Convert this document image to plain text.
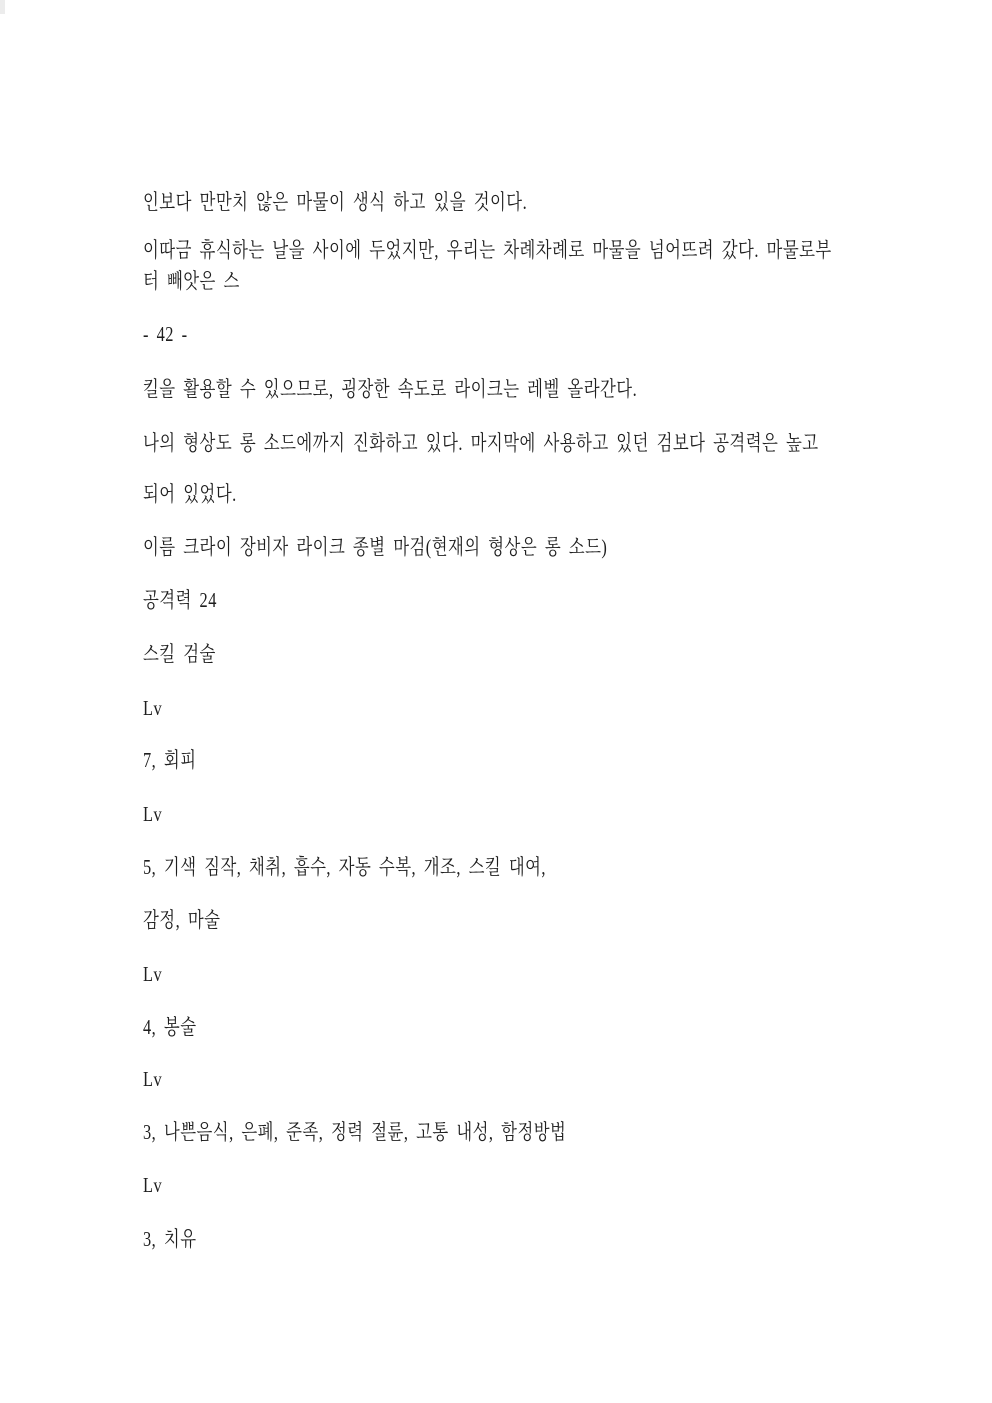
인보다 만만치 않은 마물이 생식 하고 있을 것이다.
이따금 휴식하는 날을 사이에 두었지만, 우리는 차례차례로 마물을 넘어뜨려 갔다. 마물로부
터 빼앗은 스
- 42 -
킬을 활용할 수 있으므로, 굉장한 속도로 라이크는 레벨 올라간다.
나의 형상도 롱 소드에까지 진화하고 있다. 마지막에 사용하고 있던 검보다 공격력은 높고
되어 있었다.
이름 크라이 장비자 라이크 종별 마검(현재의 형상은 롱 소드)
공격력 24
스킬 검술
Lv
7, 회피
Lv
5, 기색 짐작, 채취, 흡수, 자동 수복, 개조, 스킬 대여,
감정, 마술
Lv
4, 봉술
Lv
3, 나쁜음식, 은폐, 준족, 정력 절륜, 고통 내성, 함정방법
Lv
3, 치유
